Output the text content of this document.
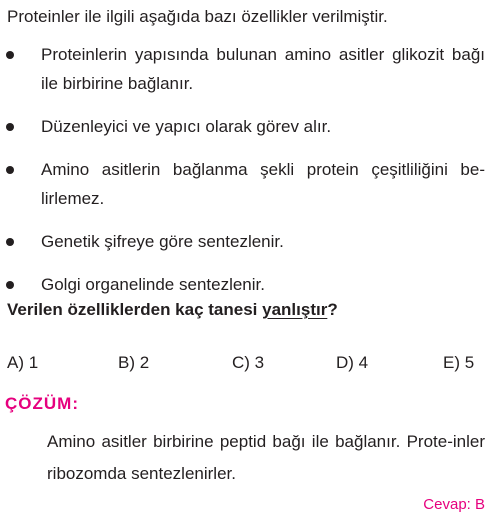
Proteinler ile ilgili aşağıda bazı özellikler verilmiştir.
Proteinlerin yapısında bulunan amino asitler glikozit bağı ile birbirine bağlanır.
Düzenleyici ve yapıcı olarak görev alır.
Amino asitlerin bağlanma şekli protein çeşitliliğini be-lirlemez.
Genetik şifreye göre sentezlenir.
Golgi organelinde sentezlenir.
Verilen özelliklerden kaç tanesi yanlıştır?
A) 1	B) 2	C) 3	D) 4	E) 5
ÇÖZÜM:
Amino asitler birbirine peptid bağı ile bağlanır. Prote-inler ribozomda sentezlenirler.
Cevap: B
